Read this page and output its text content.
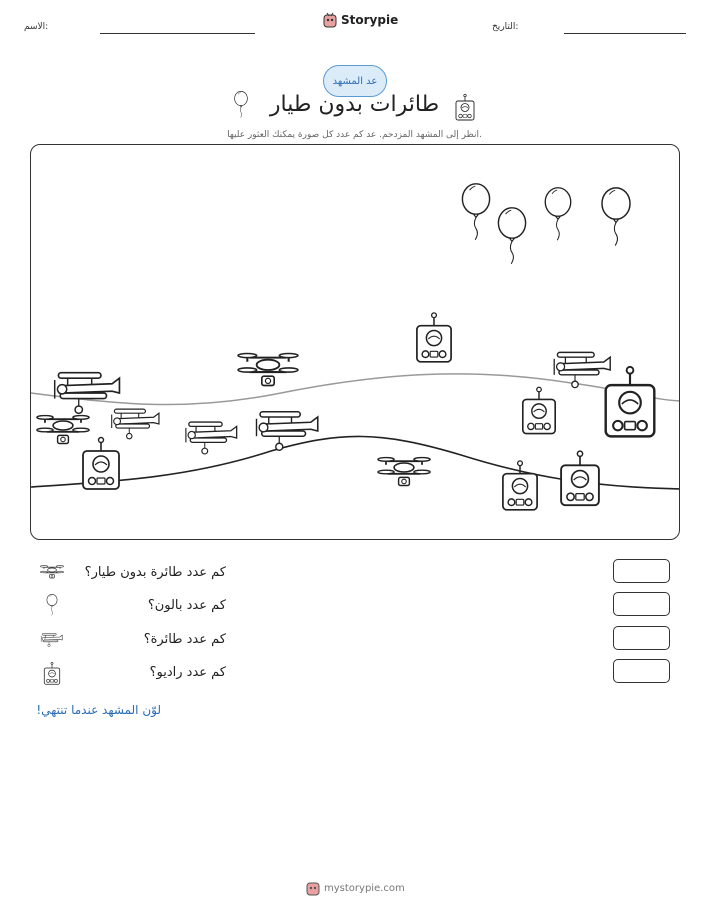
الاسم:	Storypie	التاريخ:
عد المشهد
طائرات بدون طيار
انظر إلى المشهد المزدحم. عد كم عدد كل صورة يمكنك العثور عليها.
كم عدد طائرة بدون طيار؟
كم عدد بالون؟
كم عدد طائرة؟
كم عدد راديو؟
لوّن المشهد عندما تنتهي!
mystorypie.com
